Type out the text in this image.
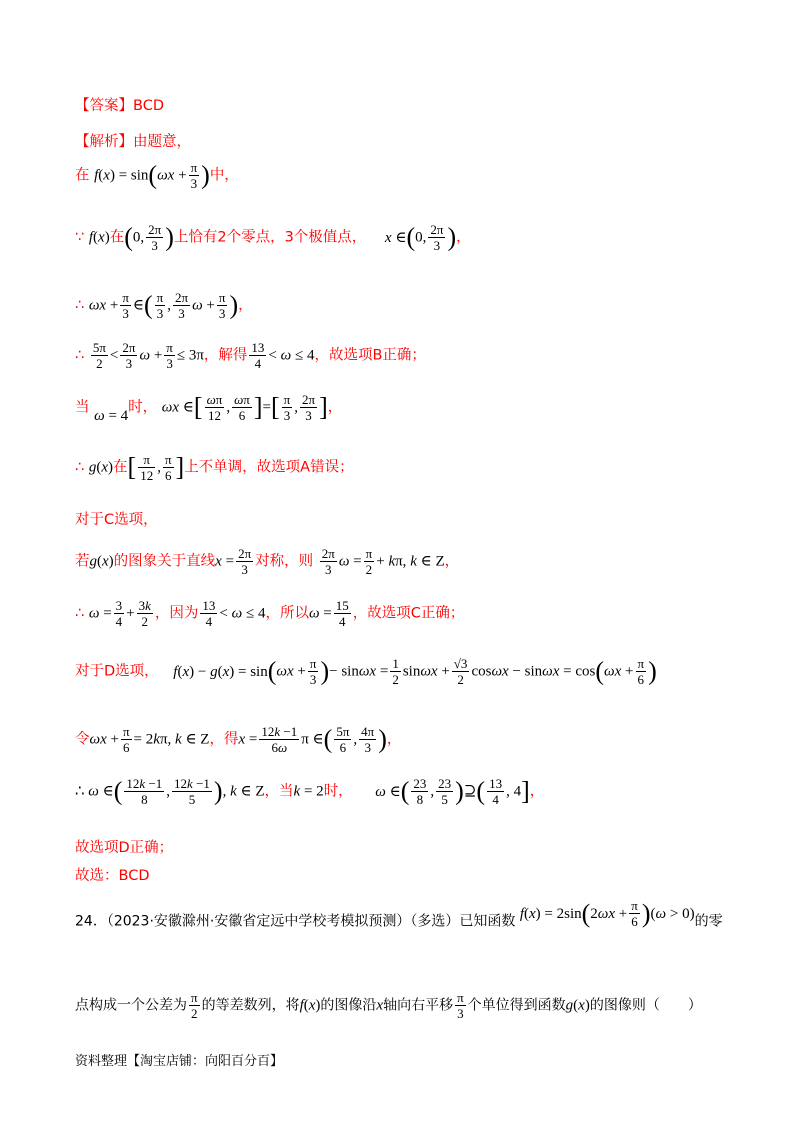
【答案】BCD
【解析】由题意，
在 $f(x) = \sin(\omega x + \frac{\pi}{3}$ )中，
∵ f(x)在(0, $\frac{2\pi}{3}$ )上恰有2个零点，3个极值点， x ∈(0, $\frac{2\pi}{3}$ )，
∴ $\omega x + \frac{\pi}{3}$ ∈( $\frac{\pi}{3}$ , $\frac{2\pi}{3}$ $\omega + \frac{\pi}{3}$ )，
∴ $\frac{5\pi}{2} < \frac{2\pi}{3}$ $\omega + \frac{\pi}{3} \le 3\pi$，解得 $\frac{13}{4} < \omega \le 4$，故选项B正确；
当 ω = 4时， ωx ∈[ $\frac{\omega\pi}{12}$ , $\frac{\omega\pi}{6}$ ]=[ $\frac{\pi}{3}$ , $\frac{2\pi}{3}$ ]，
∴ g(x)在[ $\frac{\pi}{12}$ , $\frac{\pi}{6}$ ]上不单调，故选项A错误；
对于C选项，
若g(x)的图象关于直线$x = \frac{2\pi}{3}$ 对称，则 $\frac{2\pi}{3}$ $\omega = \frac{\pi}{2} + k\pi$, k ∈ Z，
∴ $\omega = \frac{3}{4} + \frac{3k}{2}$ ，因为 $\frac{13}{4} < \omega \le 4$，所以$\omega = \frac{15}{4}$ ，故选项C正确；
对于D选项， $f(x) - g(x) = \sin(\omega x + \frac{\pi}{3}$ )− $\sin\omega x = \frac{1}{2}$ $\sin\omega x + \frac{√3}{2}$ $\cos\omega x - \sin\omega x = \cos(\omega x + \frac{\pi}{6}$ )
令$\omega x + \frac{\pi}{6} = 2k\pi$, k ∈ Z，得$x = \frac{12k -1}{6\omega}$ π ∈( $\frac{5\pi}{6}$ , $\frac{4\pi}{3}$ )，
∴ ω ∈( $\frac{12k -1}{8}$ , $\frac{12k -1}{5}$ ), k ∈ Z，当k = 2时， ω ∈( $\frac{23}{8}$ , $\frac{23}{5}$ )⊇( $\frac{13}{4}$ , 4]，
故选项D正确；
故选：BCD
24．（2023·安徽滁州·安徽省定远中学校考模拟预测）（多选）已知函数 $f(x) = 2\sin(2\omega x + \frac{\pi}{6} )(\omega > 0)$的零
点构成一个公差为 $\frac{\pi}{2}$ 的等差数列，将f(x)的图像沿x轴向右平移 $\frac{\pi}{3}$ 个单位得到函数g(x)的图像则（　　）
资料整理【淘宝店铺：向阳百分百】
